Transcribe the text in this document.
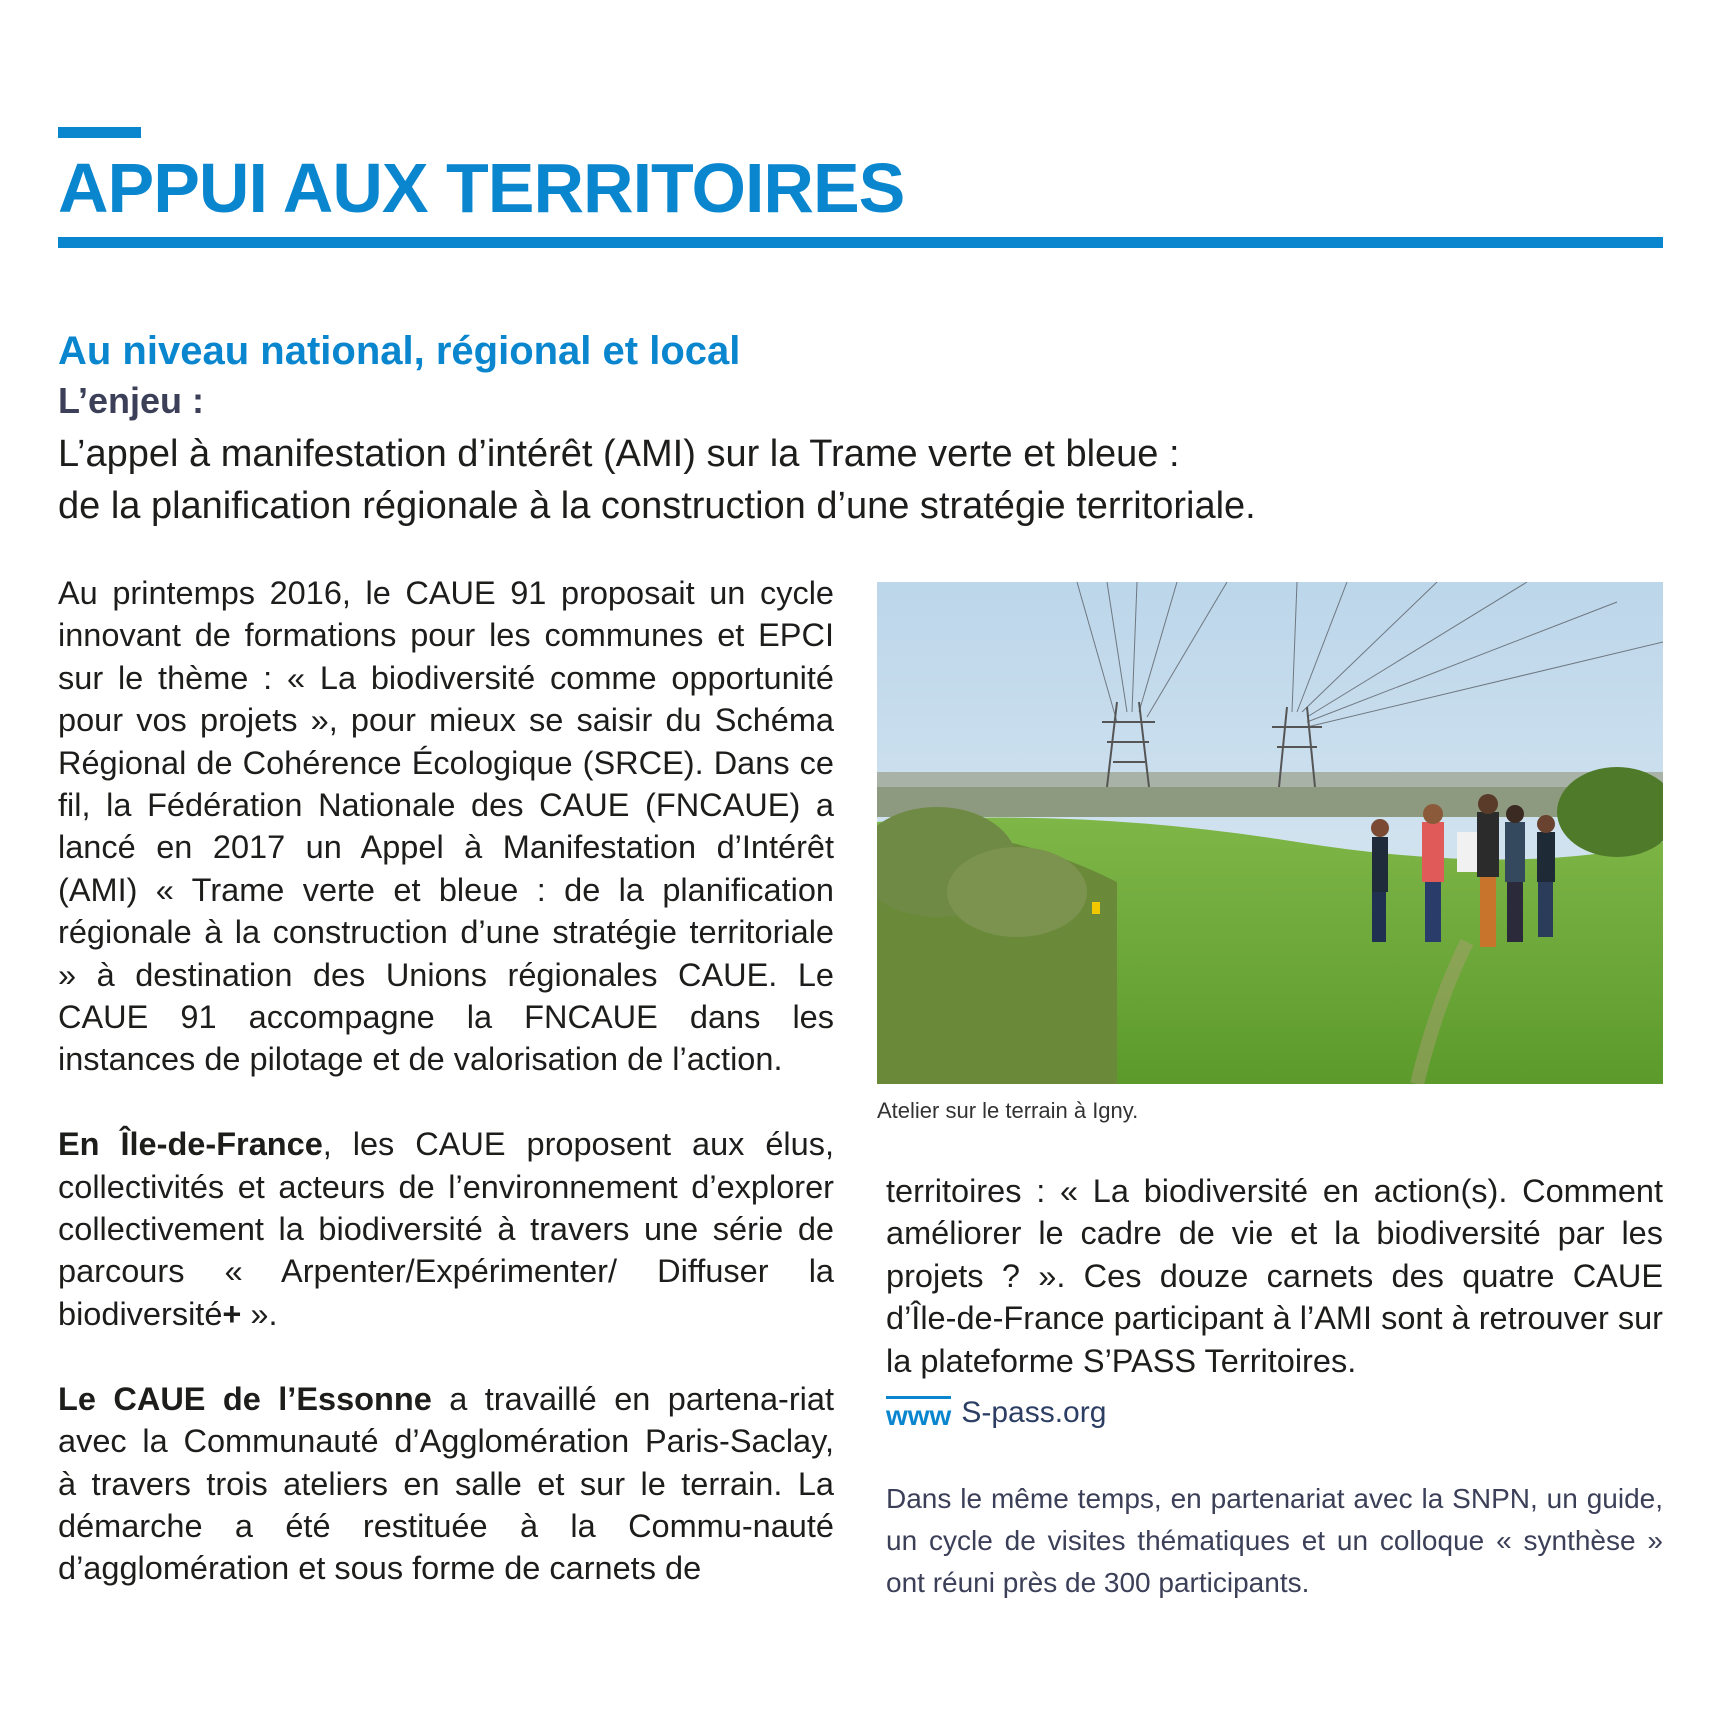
APPUI AUX TERRITOIRES
Au niveau national, régional et local
L’enjeu :
L’appel à manifestation d’intérêt (AMI) sur la Trame verte et bleue :
de la planification régionale à la construction d’une stratégie territoriale.

Au printemps 2016, le CAUE 91 proposait un cycle innovant de formations pour les communes et EPCI sur le thème : « La biodiversité comme opportunité pour vos projets », pour mieux se saisir du Schéma Régional de Cohérence Écologique (SRCE). Dans ce fil, la Fédération Nationale des CAUE (FNCAUE) a lancé en 2017 un Appel à Manifestation d’Intérêt (AMI) « Trame verte et bleue : de la planification régionale à la construction d’une stratégie territoriale » à destination des Unions régionales CAUE. Le CAUE 91 accompagne la FNCAUE dans les instances de pilotage et de valorisation de l’action.

En Île-de-France, les CAUE proposent aux élus, collectivités et acteurs de l’environnement d’explorer collectivement la biodiversité à travers une série de parcours « Arpenter/Expérimenter/ Diffuser la biodiversité+ ».

Le CAUE de l’Essonne a travaillé en partena-riat avec la Communauté d’Agglomération Paris-Saclay, à travers trois ateliers en salle et sur le terrain. La démarche a été restituée à la Commu-nauté d’agglomération et sous forme de carnets de

Atelier sur le terrain à Igny.

territoires : « La biodiversité en action(s). Comment améliorer le cadre de vie et la biodiversité par les projets ? ». Ces douze carnets des quatre CAUE d’Île-de-France participant à l’AMI sont à retrouver sur la plateforme S’PASS Territoires.

www S-pass.org
Dans le même temps, en partenariat avec la SNPN, un guide, un cycle de visites thématiques et un colloque « synthèse » ont réuni près de 300 participants.
